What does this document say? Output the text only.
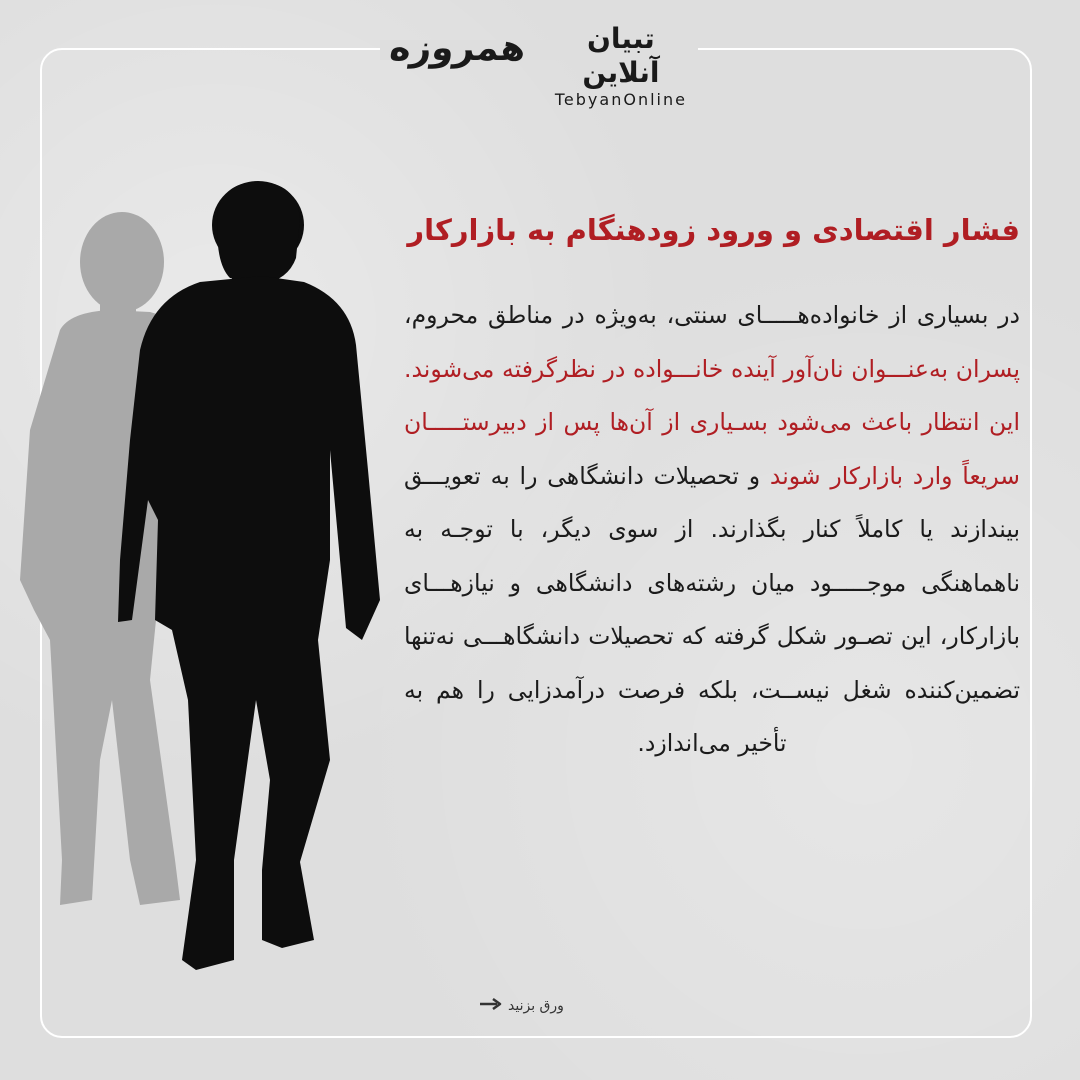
همروزه	تبیان آنلاین
TebyanOnline
فشار اقتصادی و ورود زودهنگام به بازارکار
در بسیاری از خانواده‌هـــــای سنتی، به‌ویژه در مناطق محروم، پسران به‌عنـــوان نان‌آور آینده خانـــواده در نظرگرفته می‌شوند. این انتظار باعث می‌شود بسـیاری از آن‌ها پس از دبیرستـــــان سریعاً وارد بازارکار شوند و تحصیلات دانشگاهی را به تعویـــق بیندازند یا کاملاً کنار بگذارند. از سوی دیگر، با توجـه به ناهماهنگی موجـــــود میان رشته‌های دانشگاهی و نیازهـــای بازارکار، این تصـور شکل گرفته که تحصیلات دانشگاهـــی نه‌تنها تضمین‌کننده شغل نیســت، بلکه فرصت درآمدزایی را هم به تأخیر می‌اندازد.
ورق بزنید
